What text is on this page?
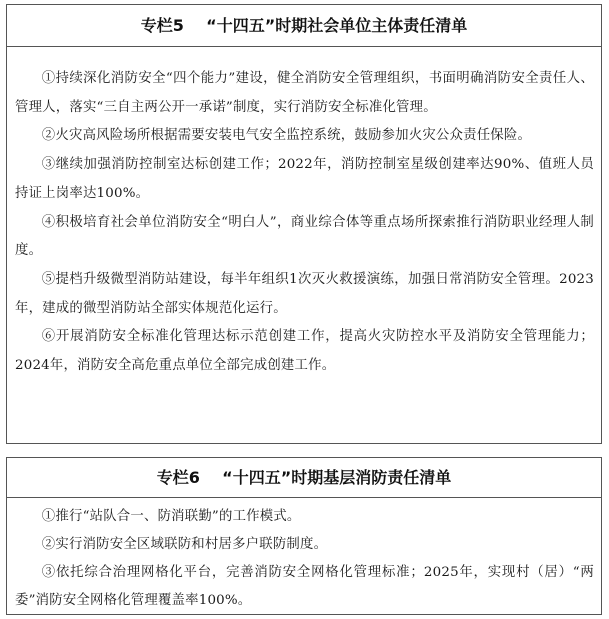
专栏5    “十四五”时期社会单位主体责任清单

①持续深化消防安全“四个能力”建设，健全消防安全管理组织，书面明确消防安全责任人、管理人，落实“三自主两公开一承诺”制度，实行消防安全标准化管理。

②火灾高风险场所根据需要安装电气安全监控系统，鼓励参加火灾公众责任保险。

③继续加强消防控制室达标创建工作；2022年，消防控制室星级创建率达90%、值班人员持证上岗率达100%。

④积极培育社会单位消防安全“明白人”，商业综合体等重点场所探索推行消防职业经理人制度。

⑤提档升级微型消防站建设，每半年组织1次灭火救援演练，加强日常消防安全管理。2023年，建成的微型消防站全部实体规范化运行。

⑥开展消防安全标准化管理达标示范创建工作，提高火灾防控水平及消防安全管理能力；2024年，消防安全高危重点单位全部完成创建工作。

专栏6    “十四五”时期基层消防责任清单

①推行“站队合一、防消联勤”的工作模式。

②实行消防安全区域联防和村居多户联防制度。

③依托综合治理网格化平台，完善消防安全网格化管理标准；2025年，实现村（居）“两委”消防安全网格化管理覆盖率100%。
